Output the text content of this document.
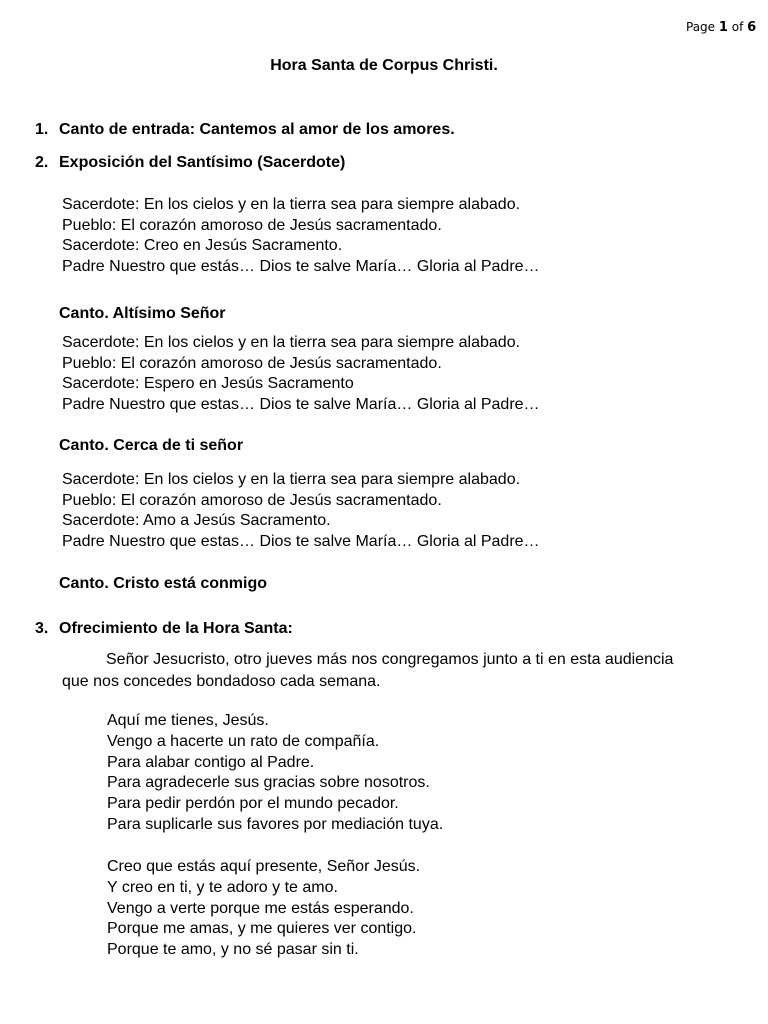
Page 1 of 6
Hora Santa de Corpus Christi.
1. Canto de entrada: Cantemos al amor de los amores.
2. Exposición del Santísimo (Sacerdote)
Sacerdote: En los cielos y en la tierra sea para siempre alabado.
Pueblo: El corazón amoroso de Jesús sacramentado.
Sacerdote: Creo en Jesús Sacramento.
Padre Nuestro que estás… Dios te salve María… Gloria al Padre…
Canto. Altísimo Señor
Sacerdote: En los cielos y en la tierra sea para siempre alabado.
Pueblo: El corazón amoroso de Jesús sacramentado.
Sacerdote: Espero en Jesús Sacramento
Padre Nuestro que estas… Dios te salve María… Gloria al Padre…
Canto. Cerca de ti señor
Sacerdote: En los cielos y en la tierra sea para siempre alabado.
Pueblo: El corazón amoroso de Jesús sacramentado.
Sacerdote: Amo a Jesús Sacramento.
Padre Nuestro que estas… Dios te salve María… Gloria al Padre…
Canto. Cristo está conmigo
3. Ofrecimiento de la Hora Santa:
Señor Jesucristo, otro jueves más nos congregamos junto a ti en esta audiencia
que nos concedes bondadoso cada semana.
Aquí me tienes, Jesús.
Vengo a hacerte un rato de compañía.
Para alabar contigo al Padre.
Para agradecerle sus gracias sobre nosotros.
Para pedir perdón por el mundo pecador.
Para suplicarle sus favores por mediación tuya.
Creo que estás aquí presente, Señor Jesús.
Y creo en ti, y te adoro y te amo.
Vengo a verte porque me estás esperando.
Porque me amas, y me quieres ver contigo.
Porque te amo, y no sé pasar sin ti.
